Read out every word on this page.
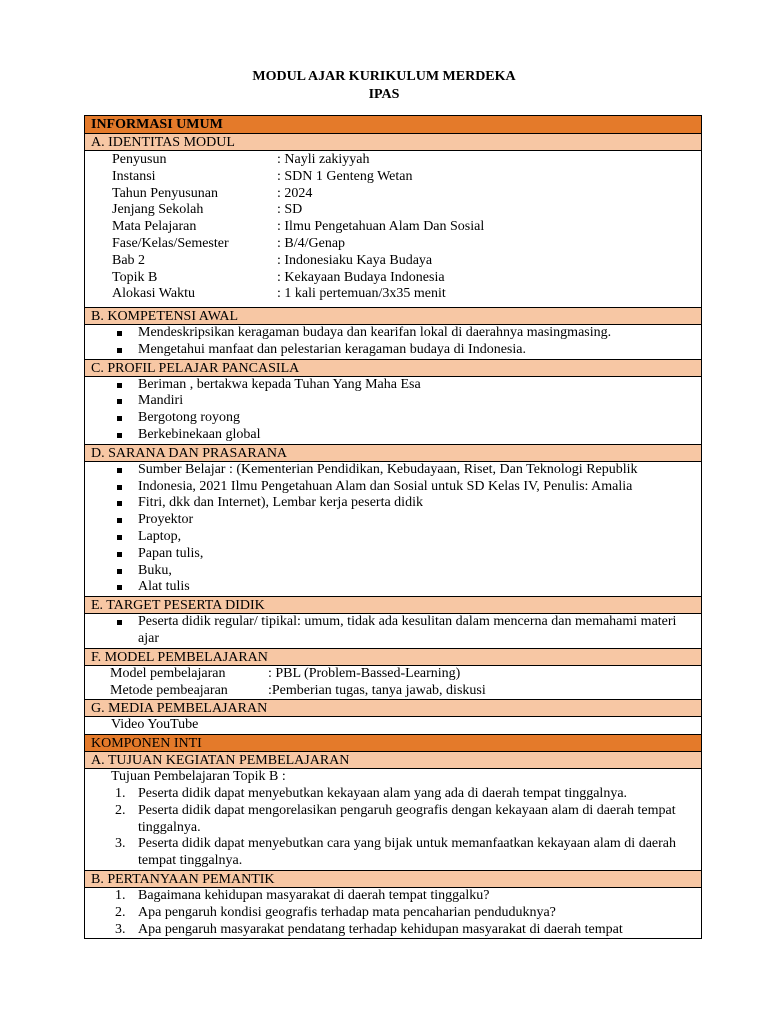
MODUL AJAR KURIKULUM MERDEKA
IPAS
INFORMASI UMUM
A. IDENTITAS MODUL
Penyusun	: Nayli zakiyyah
Instansi	: SDN 1 Genteng Wetan
Tahun Penyusunan	: 2024
Jenjang Sekolah	: SD
Mata Pelajaran	: Ilmu Pengetahuan Alam Dan Sosial
Fase/Kelas/Semester	: B/4/Genap
Bab 2	: Indonesiaku Kaya Budaya
Topik B	: Kekayaan Budaya Indonesia
Alokasi Waktu	: 1 kali pertemuan/3x35 menit
B. KOMPETENSI AWAL
Mendeskripsikan keragaman budaya dan kearifan lokal di daerahnya masingmasing.
Mengetahui manfaat dan pelestarian keragaman budaya di Indonesia.
C. PROFIL PELAJAR PANCASILA
Beriman , bertakwa kepada Tuhan Yang Maha Esa
Mandiri
Bergotong royong
Berkebinekaan global
D. SARANA DAN PRASARANA
Sumber Belajar : (Kementerian Pendidikan, Kebudayaan, Riset, Dan Teknologi Republik
Indonesia, 2021 Ilmu Pengetahuan Alam dan Sosial untuk SD Kelas IV, Penulis: Amalia
Fitri, dkk dan Internet), Lembar kerja peserta didik
Proyektor
Laptop,
Papan tulis,
Buku,
Alat tulis
E. TARGET PESERTA DIDIK
Peserta didik regular/ tipikal: umum, tidak ada kesulitan dalam mencerna dan memahami materi ajar
F. MODEL PEMBELAJARAN
Model pembelajaran	: PBL (Problem-Bassed-Learning)
Metode pembeajaran	:Pemberian tugas, tanya jawab, diskusi
G. MEDIA PEMBELAJARAN
Video YouTube
KOMPONEN INTI
A. TUJUAN KEGIATAN PEMBELAJARAN
Tujuan Pembelajaran Topik B :
1. Peserta didik dapat menyebutkan kekayaan alam yang ada di daerah tempat tinggalnya.
2. Peserta didik dapat mengorelasikan pengaruh geografis dengan kekayaan alam di daerah tempat tinggalnya.
3. Peserta didik dapat menyebutkan cara yang bijak untuk memanfaatkan kekayaan alam di daerah tempat tinggalnya.
B. PERTANYAAN PEMANTIK
1. Bagaimana kehidupan masyarakat di daerah tempat tinggalku?
2. Apa pengaruh kondisi geografis terhadap mata pencaharian penduduknya?
3. Apa pengaruh masyarakat pendatang terhadap kehidupan masyarakat di daerah tempat
